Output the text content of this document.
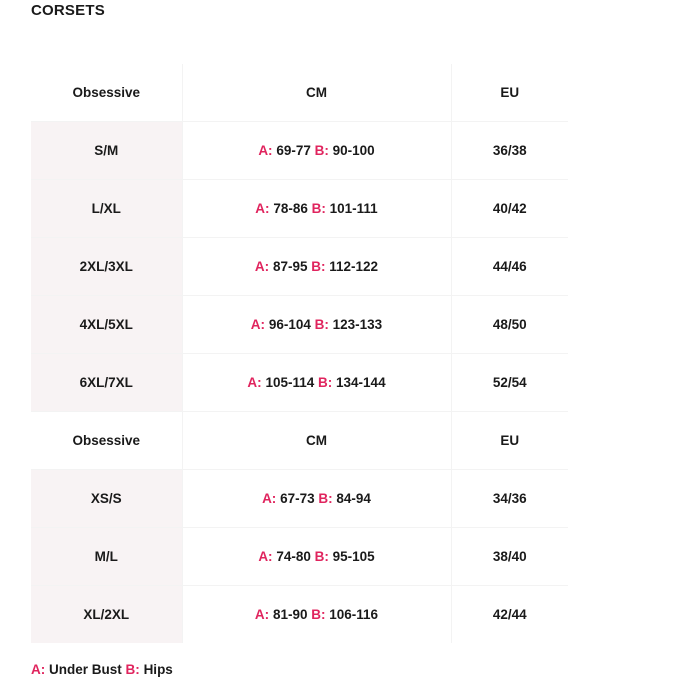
CORSETS
Obsessive	CM	EU
S/M	A: 69-77 B: 90-100	36/38
L/XL	A: 78-86 B: 101-111	40/42
2XL/3XL	A: 87-95 B: 112-122	44/46
4XL/5XL	A: 96-104 B: 123-133	48/50
6XL/7XL	A: 105-114 B: 134-144	52/54
Obsessive	CM	EU
XS/S	A: 67-73 B: 84-94	34/36
M/L	A: 74-80 B: 95-105	38/40
XL/2XL	A: 81-90 B: 106-116	42/44

A: Under Bust B: Hips
